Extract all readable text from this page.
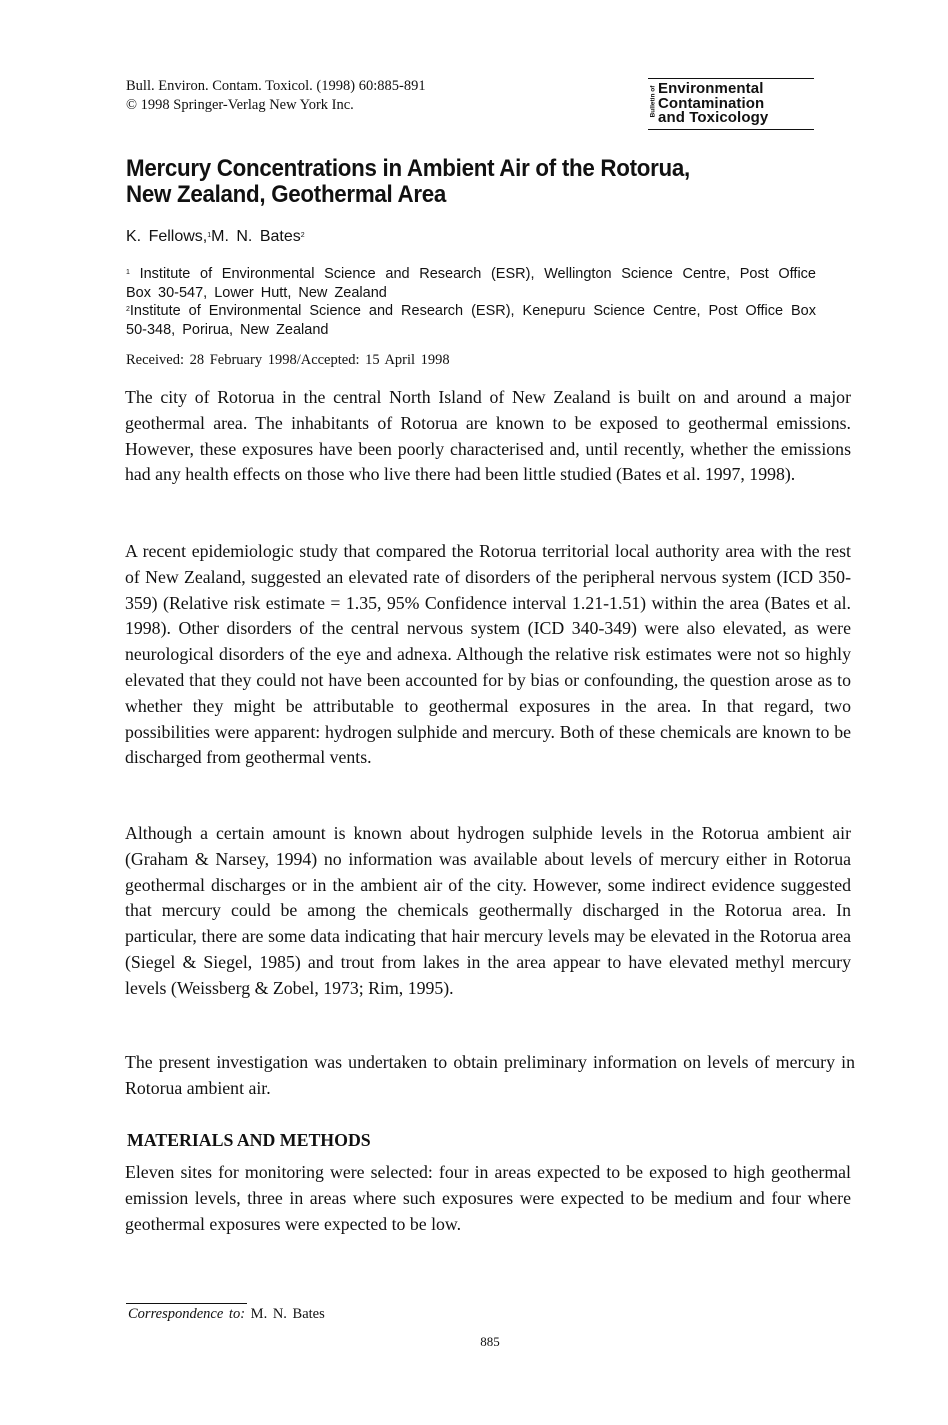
Bull. Environ. Contam. Toxicol. (1998) 60:885-891
© 1998 Springer-Verlag New York Inc.	Bulletin of Environmental
Contamination
and Toxicology
Mercury Concentrations in Ambient Air of the Rotorua,
New Zealand, Geothermal Area
K. Fellows,$^1$M. N. Bates$^2$
$^1$ Institute of Environmental Science and Research (ESR), Wellington Science Centre, Post Office Box 30-547, Lower Hutt, New Zealand
$^2$Institute of Environmental Science and Research (ESR), Kenepuru Science Centre, Post Office Box 50-348, Porirua, New Zealand
Received: 28 February 1998/Accepted: 15 April 1998

The city of Rotorua in the central North Island of New Zealand is built on and around a major geothermal area. The inhabitants of Rotorua are known to be exposed to geothermal emissions. However, these exposures have been poorly characterised and, until recently, whether the emissions had any health effects on those who live there had been little studied (Bates et al. 1997, 1998).

A recent epidemiologic study that compared the Rotorua territorial local authority area with the rest of New Zealand, suggested an elevated rate of disorders of the peripheral nervous system (ICD 350-359) (Relative risk estimate = 1.35, 95% Confidence interval 1.21-1.51) within the area (Bates et al. 1998). Other disorders of the central nervous system (ICD 340-349) were also elevated, as were neurological disorders of the eye and adnexa. Although the relative risk estimates were not so highly elevated that they could not have been accounted for by bias or confounding, the question arose as to whether they might be attributable to geothermal exposures in the area. In that regard, two possibilities were apparent: hydrogen sulphide and mercury. Both of these chemicals are known to be discharged from geothermal vents.

Although a certain amount is known about hydrogen sulphide levels in the Rotorua ambient air (Graham & Narsey, 1994) no information was available about levels of mercury either in Rotorua geothermal discharges or in the ambient air of the city. However, some indirect evidence suggested that mercury could be among the chemicals geothermally discharged in the Rotorua area. In particular, there are some data indicating that hair mercury levels may be elevated in the Rotorua area (Siegel & Siegel, 1985) and trout from lakes in the area appear to have elevated methyl mercury levels (Weissberg & Zobel, 1973; Rim, 1995).

The present investigation was undertaken to obtain preliminary information on levels of mercury in Rotorua ambient air.

MATERIALS AND METHODS

Eleven sites for monitoring were selected: four in areas expected to be exposed to high geothermal emission levels, three in areas where such exposures were expected to be medium and four where geothermal exposures were expected to be low.

Correspondence to: M. N. Bates
885
